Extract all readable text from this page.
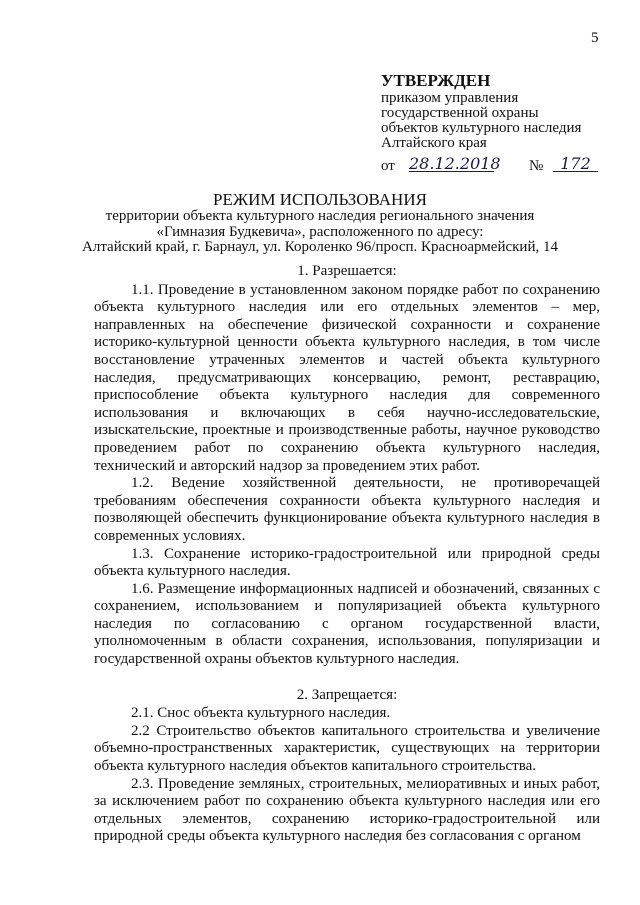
5
УТВЕРЖДЕН
приказом управления
государственной охраны
объектов культурного наследия
Алтайского края
от 28.12.2018 №	172
РЕЖИМ ИСПОЛЬЗОВАНИЯ
территории объекта культурного наследия регионального значения
«Гимназия Будкевича», расположенного по адресу:
Алтайский край, г. Барнаул, ул. Короленко 96/просп. Красноармейский, 14

1. Разрешается:

1.1. Проведение в установленном законом порядке работ по сохранению объекта культурного наследия или его отдельных элементов – мер, направленных на обеспечение физической сохранности и сохранение историко-культурной ценности объекта культурного наследия, в том числе восстановление утраченных элементов и частей объекта культурного наследия, предусматривающих консервацию, ремонт, реставрацию, приспособление объекта культурного наследия для современного использования и включающих в себя научно-исследовательские, изыскательские, проектные и производственные работы, научное руководство проведением работ по сохранению объекта культурного наследия, технический и авторский надзор за проведением этих работ.

1.2. Ведение хозяйственной деятельности, не противоречащей требованиям обеспечения сохранности объекта культурного наследия и позволяющей обеспечить функционирование объекта культурного наследия в современных условиях.

1.3. Сохранение историко-градостроительной или природной среды объекта культурного наследия.

1.6. Размещение информационных надписей и обозначений, связанных с сохранением, использованием и популяризацией объекта культурного наследия по согласованию с органом государственной власти, уполномоченным в области сохранения, использования, популяризации и государственной охраны объектов культурного наследия.

2. Запрещается:

2.1. Снос объекта культурного наследия.

2.2 Строительство объектов капитального строительства и увеличение объемно-пространственных характеристик, существующих на территории объекта культурного наследия объектов капитального строительства.

2.3. Проведение земляных, строительных, мелиоративных и иных работ, за исключением работ по сохранению объекта культурного наследия или его отдельных элементов, сохранению историко-градостроительной или природной среды объекта культурного наследия без согласования с органом
